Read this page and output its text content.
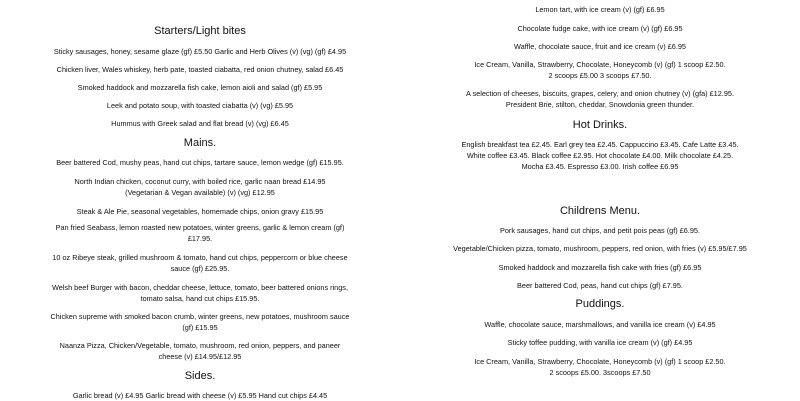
Starters/Light bites
Sticky sausages, honey, sesame glaze (gf) £5.50 Garlic and Herb Olives (v) (vg) (gf) £4.95
Chicken liver, Wales whiskey, herb pate, toasted ciabatta, red onion chutney, salad £6.45
Smoked haddock and mozzarella fish cake, lemon aioli and salad (gf) £5.95
Leek and potato soup, with toasted ciabatta (v) (vg) £5.95
Hummus with Greek salad and flat bread (v) (vg) £6.45
Mains.
Beer battered Cod, mushy peas, hand cut chips, tartare sauce, lemon wedge (gf) £15.95.
North Indian chicken, coconut curry, with boiled rice, garlic naan bread £14.95
(Vegetarian & Vegan available) (v) (vg) £12.95
Steak & Ale Pie, seasonal vegetables, homemade chips, onion gravy £15.95
Pan fried Seabass, lemon roasted new potatoes, winter greens, garlic & lemon cream (gf)
£17.95.
10 oz Ribeye steak, grilled mushroom & tomato, hand cut chips, peppercorn or blue cheese
sauce (gf) £25.95.
Welsh beef Burger with bacon, cheddar cheese, lettuce, tomato, beer battered onions rings,
tomato salsa, hand cut chips £15.95.
Chicken supreme with smoked bacon crumb, winter greens, new potatoes, mushroom sauce
(gf) £15.95
Naanza Pizza, Chicken/Vegetable, tomato, mushroom, red onion, peppers, and paneer
cheese (v) £14.95/£12.95
Sides.
Garlic bread (v) £4.95 Garlic bread with cheese (v) £5.95 Hand cut chips £4.45
Lemon tart, with ice cream (v) (gf) £6.95
Chocolate fudge cake, with ice cream (v) (gf) £6.95
Waffle, chocolate sauce, fruit and ice cream (v) £6.95
Ice Cream, Vanilla, Strawberry, Chocolate, Honeycomb (v) (gf) 1 scoop £2.50.
2 scoops £5.00 3 scoops £7.50.
A selection of cheeses, biscuits, grapes, celery, and onion chutney (v) (gfa) £12.95.
President Brie, stilton, cheddar, Snowdonia green thunder.
Hot Drinks.
English breakfast tea £2.45. Earl grey tea £2.45. Cappuccino £3.45. Cafe Latte £3.45.
White coffee £3.45. Black coffee £2.95. Hot chocolate £4.00. Milk chocolate £4.25.
Mocha £3.45. Espresso £3.00. Irish coffee £6.95
Childrens Menu.
Pork sausages, hand cut chips, and petit pois peas (gf) £6.95.
Vegetable/Chicken pizza, tomato, mushroom, peppers, red onion, with fries (v) £5.95/£7.95
Smoked haddock and mozzarella fish cake with fries (gf) £6.95
Beer battered Cod, peas, hand cut chips (gf) £7.95.
Puddings.
Waffle, chocolate sauce, marshmallows, and vanilla ice cream (v) £4.95
Sticky toffee pudding, with vanilla ice cream (v) (gf) £4.95
Ice Cream, Vanilla, Strawberry, Chocolate, Honeycomb (v) (gf) 1 scoop £2.50.
2 scoops £5.00. 3scoops £7.50
